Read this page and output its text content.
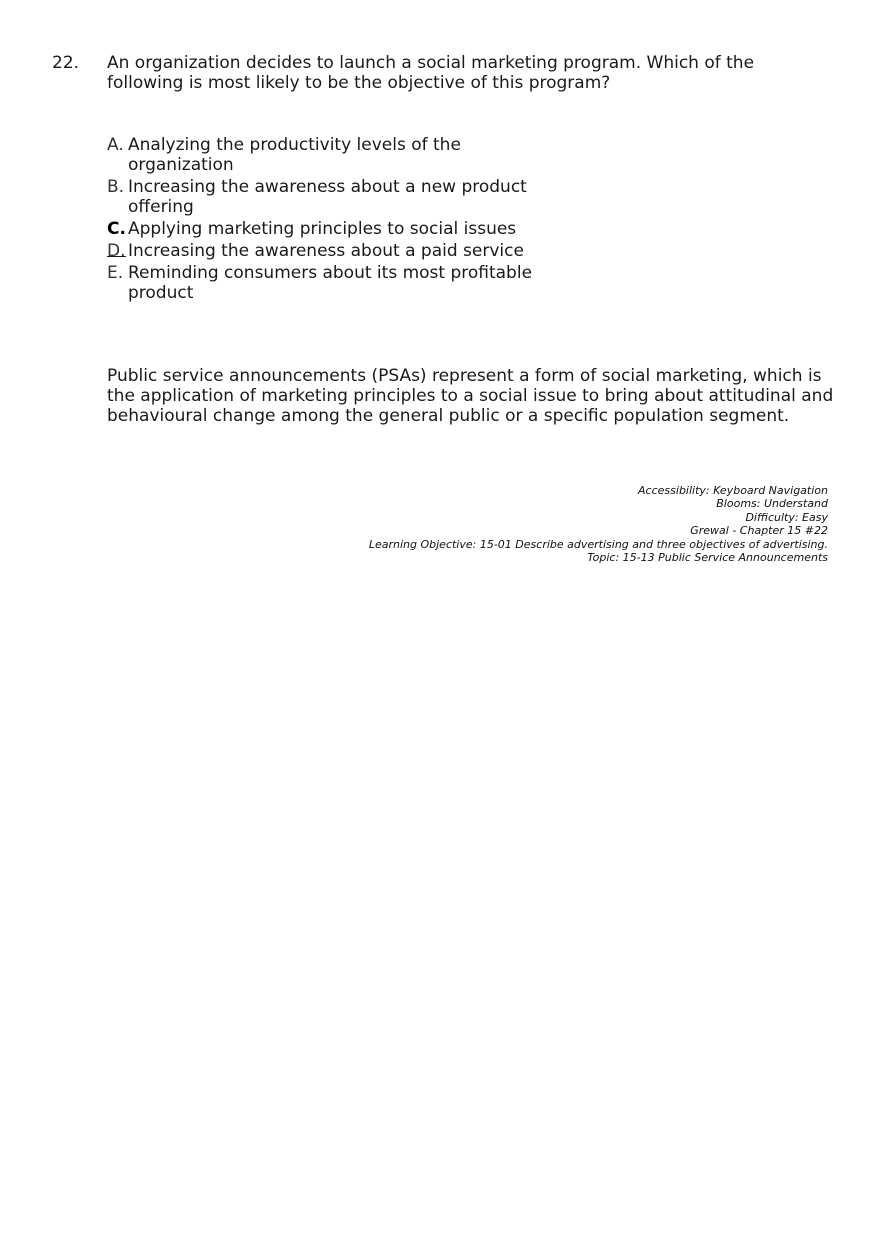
22. An organization decides to launch a social marketing program. Which of the following is most likely to be the objective of this program?
A. Analyzing the productivity levels of the organization
B. Increasing the awareness about a new product offering
C. Applying marketing principles to social issues
D. Increasing the awareness about a paid service
E. Reminding consumers about its most profitable product
Public service announcements (PSAs) represent a form of social marketing, which is the application of marketing principles to a social issue to bring about attitudinal and behavioural change among the general public or a specific population segment.
Accessibility: Keyboard Navigation
Blooms: Understand
Difficulty: Easy
Grewal - Chapter 15 #22
Learning Objective: 15-01 Describe advertising and three objectives of advertising.
Topic: 15-13 Public Service Announcements
